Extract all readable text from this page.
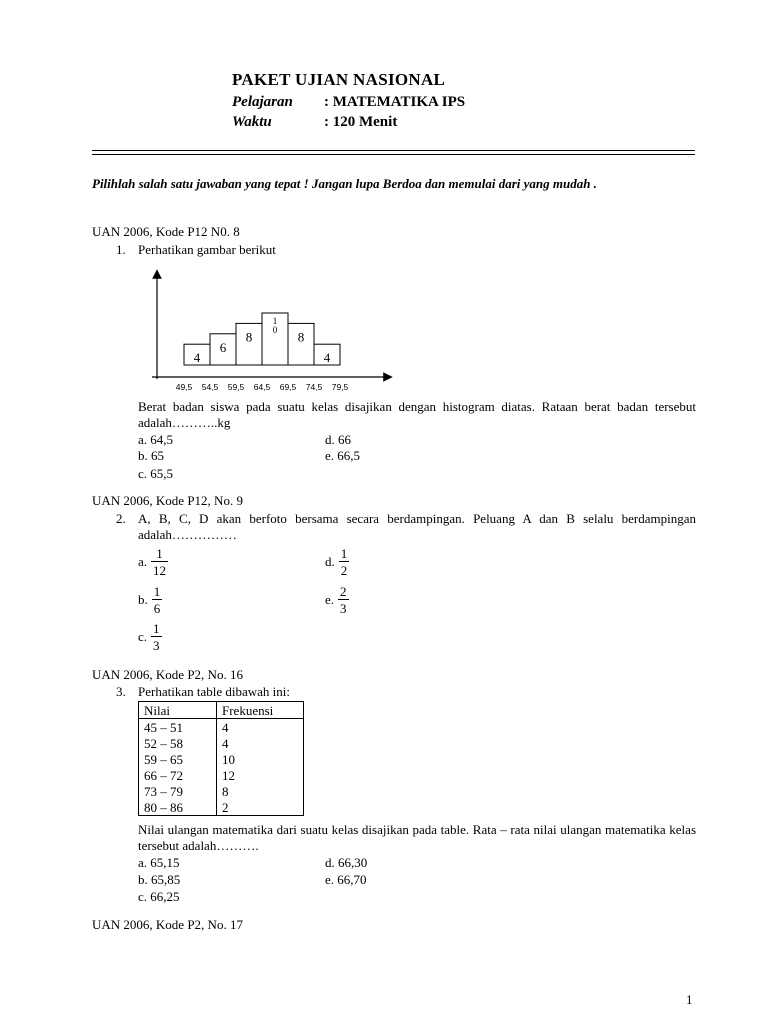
PAKET UJIAN NASIONAL
Pelajaran : MATEMATIKA IPS
Waktu	: 120 Menit
Pilihlah salah satu jawaban yang tepat ! Jangan lupa Berdoa dan memulai dari yang mudah .
UAN 2006, Kode P12 N0. 8
1. Perhatikan gambar berikut
4
6
8
1 0 8
4
49,5 54,5 59,5 64,5 69,5 74,5 79,5
Berat badan siswa pada suatu kelas disajikan dengan histogram diatas. Rataan berat badan tersebut adalah………..kg
a. 64,5	d. 66
b. 65	e. 66,5
c. 65,5
UAN 2006, Kode P12, No. 9
2. A, B, C, D akan berfoto bersama secara berdampingan. Peluang A dan B selalu berdampingan adalah……………
a. $\frac{1}{12}$	d. $\frac{1}{2}$
b. $\frac{1}{6}$	e. $\frac{2}{3}$
c. $\frac{1}{3}$
UAN 2006, Kode P2, No. 16
3. Perhatikan table dibawah ini:
Nilai	Frekuensi
45 – 51	4
52 – 58	4
59 – 65	10
66 – 72	12
73 – 79	8
80 – 86	2
Nilai ulangan matematika dari suatu kelas disajikan pada table. Rata – rata nilai ulangan matematika kelas tersebut adalah……….
a. 65,15	d. 66,30
b. 65,85	e. 66,70
c. 66,25
UAN 2006, Kode P2, No. 17
1
